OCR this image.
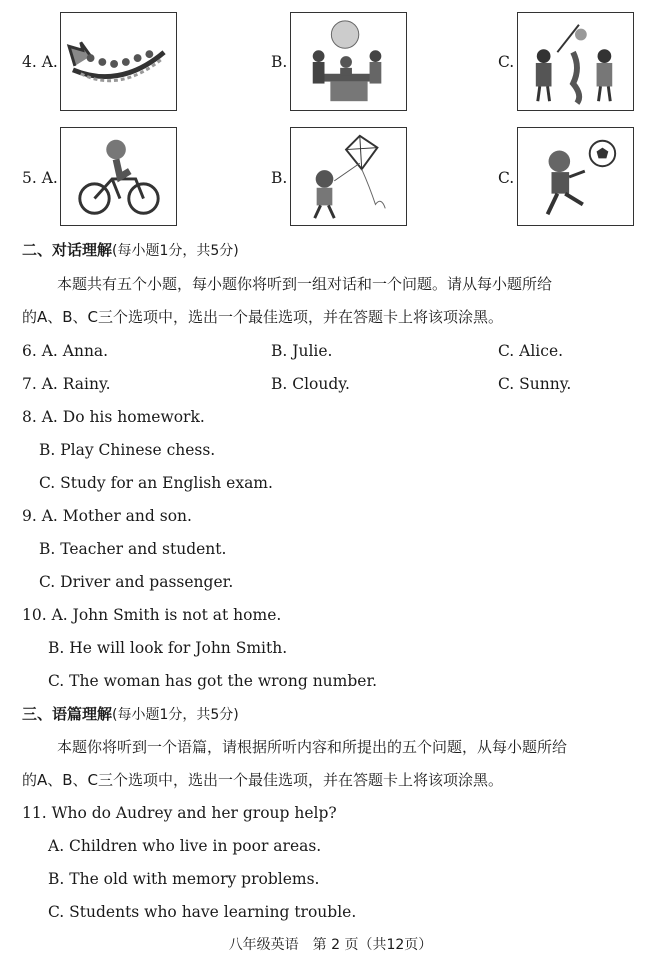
4. A.	B.	C.
5. A.	B.	C.
二、对话理解(每小题1分，共5分)
本题共有五个小题，每小题你将听到一组对话和一个问题。请从每小题所给
的A、B、C三个选项中，选出一个最佳选项，并在答题卡上将该项涂黑。
6. A. Anna.	B. Julie.	C. Alice.
7. A. Rainy.	B. Cloudy.	C. Sunny.
8. A. Do his homework.
B. Play Chinese chess.
C. Study for an English exam.
9. A. Mother and son.
B. Teacher and student.
C. Driver and passenger.
10. A. John Smith is not at home.
B. He will look for John Smith.
C. The woman has got the wrong number.
三、语篇理解(每小题1分，共5分)
本题你将听到一个语篇，请根据所听内容和所提出的五个问题，从每小题所给
的A、B、C三个选项中，选出一个最佳选项，并在答题卡上将该项涂黑。
11. Who do Audrey and her group help?
A. Children who live in poor areas.
B. The old with memory problems.
C. Students who have learning trouble.
八年级英语　第 2 页（共12页）
